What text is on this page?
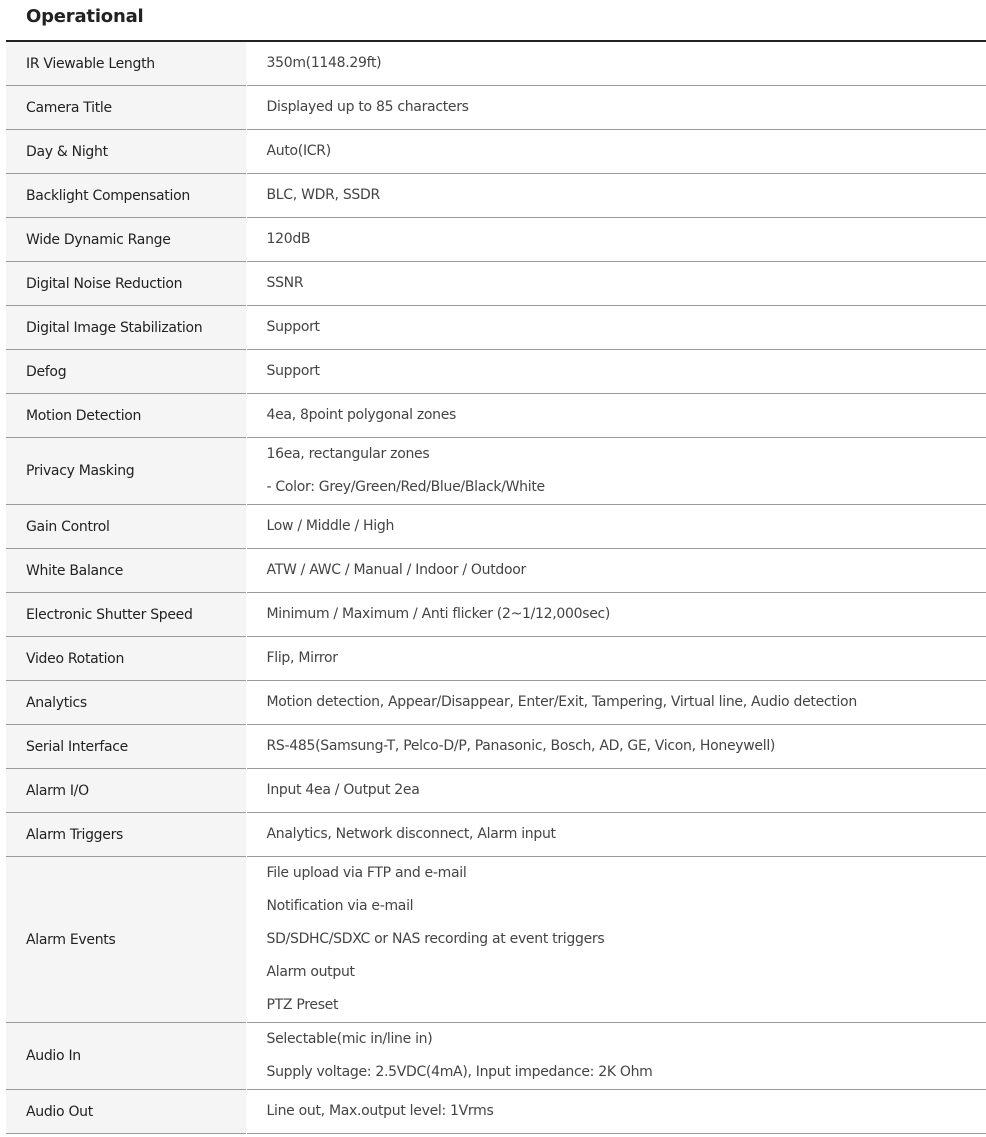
Operational
IR Viewable Length	350m(1148.29ft)

Camera Title	Displayed up to 85 characters

Day & Night	Auto(ICR)

Backlight Compensation	BLC, WDR, SSDR

Wide Dynamic Range	120dB

Digital Noise Reduction	SSNR

Digital Image Stabilization	Support

Defog	Support

Motion Detection	4ea, 8point polygonal zones

Privacy Masking	16ea, rectangular zones
- Color: Grey/Green/Red/Blue/Black/White

Gain Control	Low / Middle / High

White Balance	ATW / AWC / Manual / Indoor / Outdoor

Electronic Shutter Speed	Minimum / Maximum / Anti flicker (2~1/12,000sec)

Video Rotation	Flip, Mirror

Analytics	Motion detection, Appear/Disappear, Enter/Exit, Tampering, Virtual line, Audio detection

Serial Interface	RS-485(Samsung-T, Pelco-D/P, Panasonic, Bosch, AD, GE, Vicon, Honeywell)

Alarm I/O	Input 4ea / Output 2ea

Alarm Triggers	Analytics, Network disconnect, Alarm input

Alarm Events	File upload via FTP and e-mail
Notification via e-mail
SD/SDHC/SDXC or NAS recording at event triggers
Alarm output
PTZ Preset

Audio In	Selectable(mic in/line in)
Supply voltage: 2.5VDC(4mA), Input impedance: 2K Ohm

Audio Out	Line out, Max.output level: 1Vrms
